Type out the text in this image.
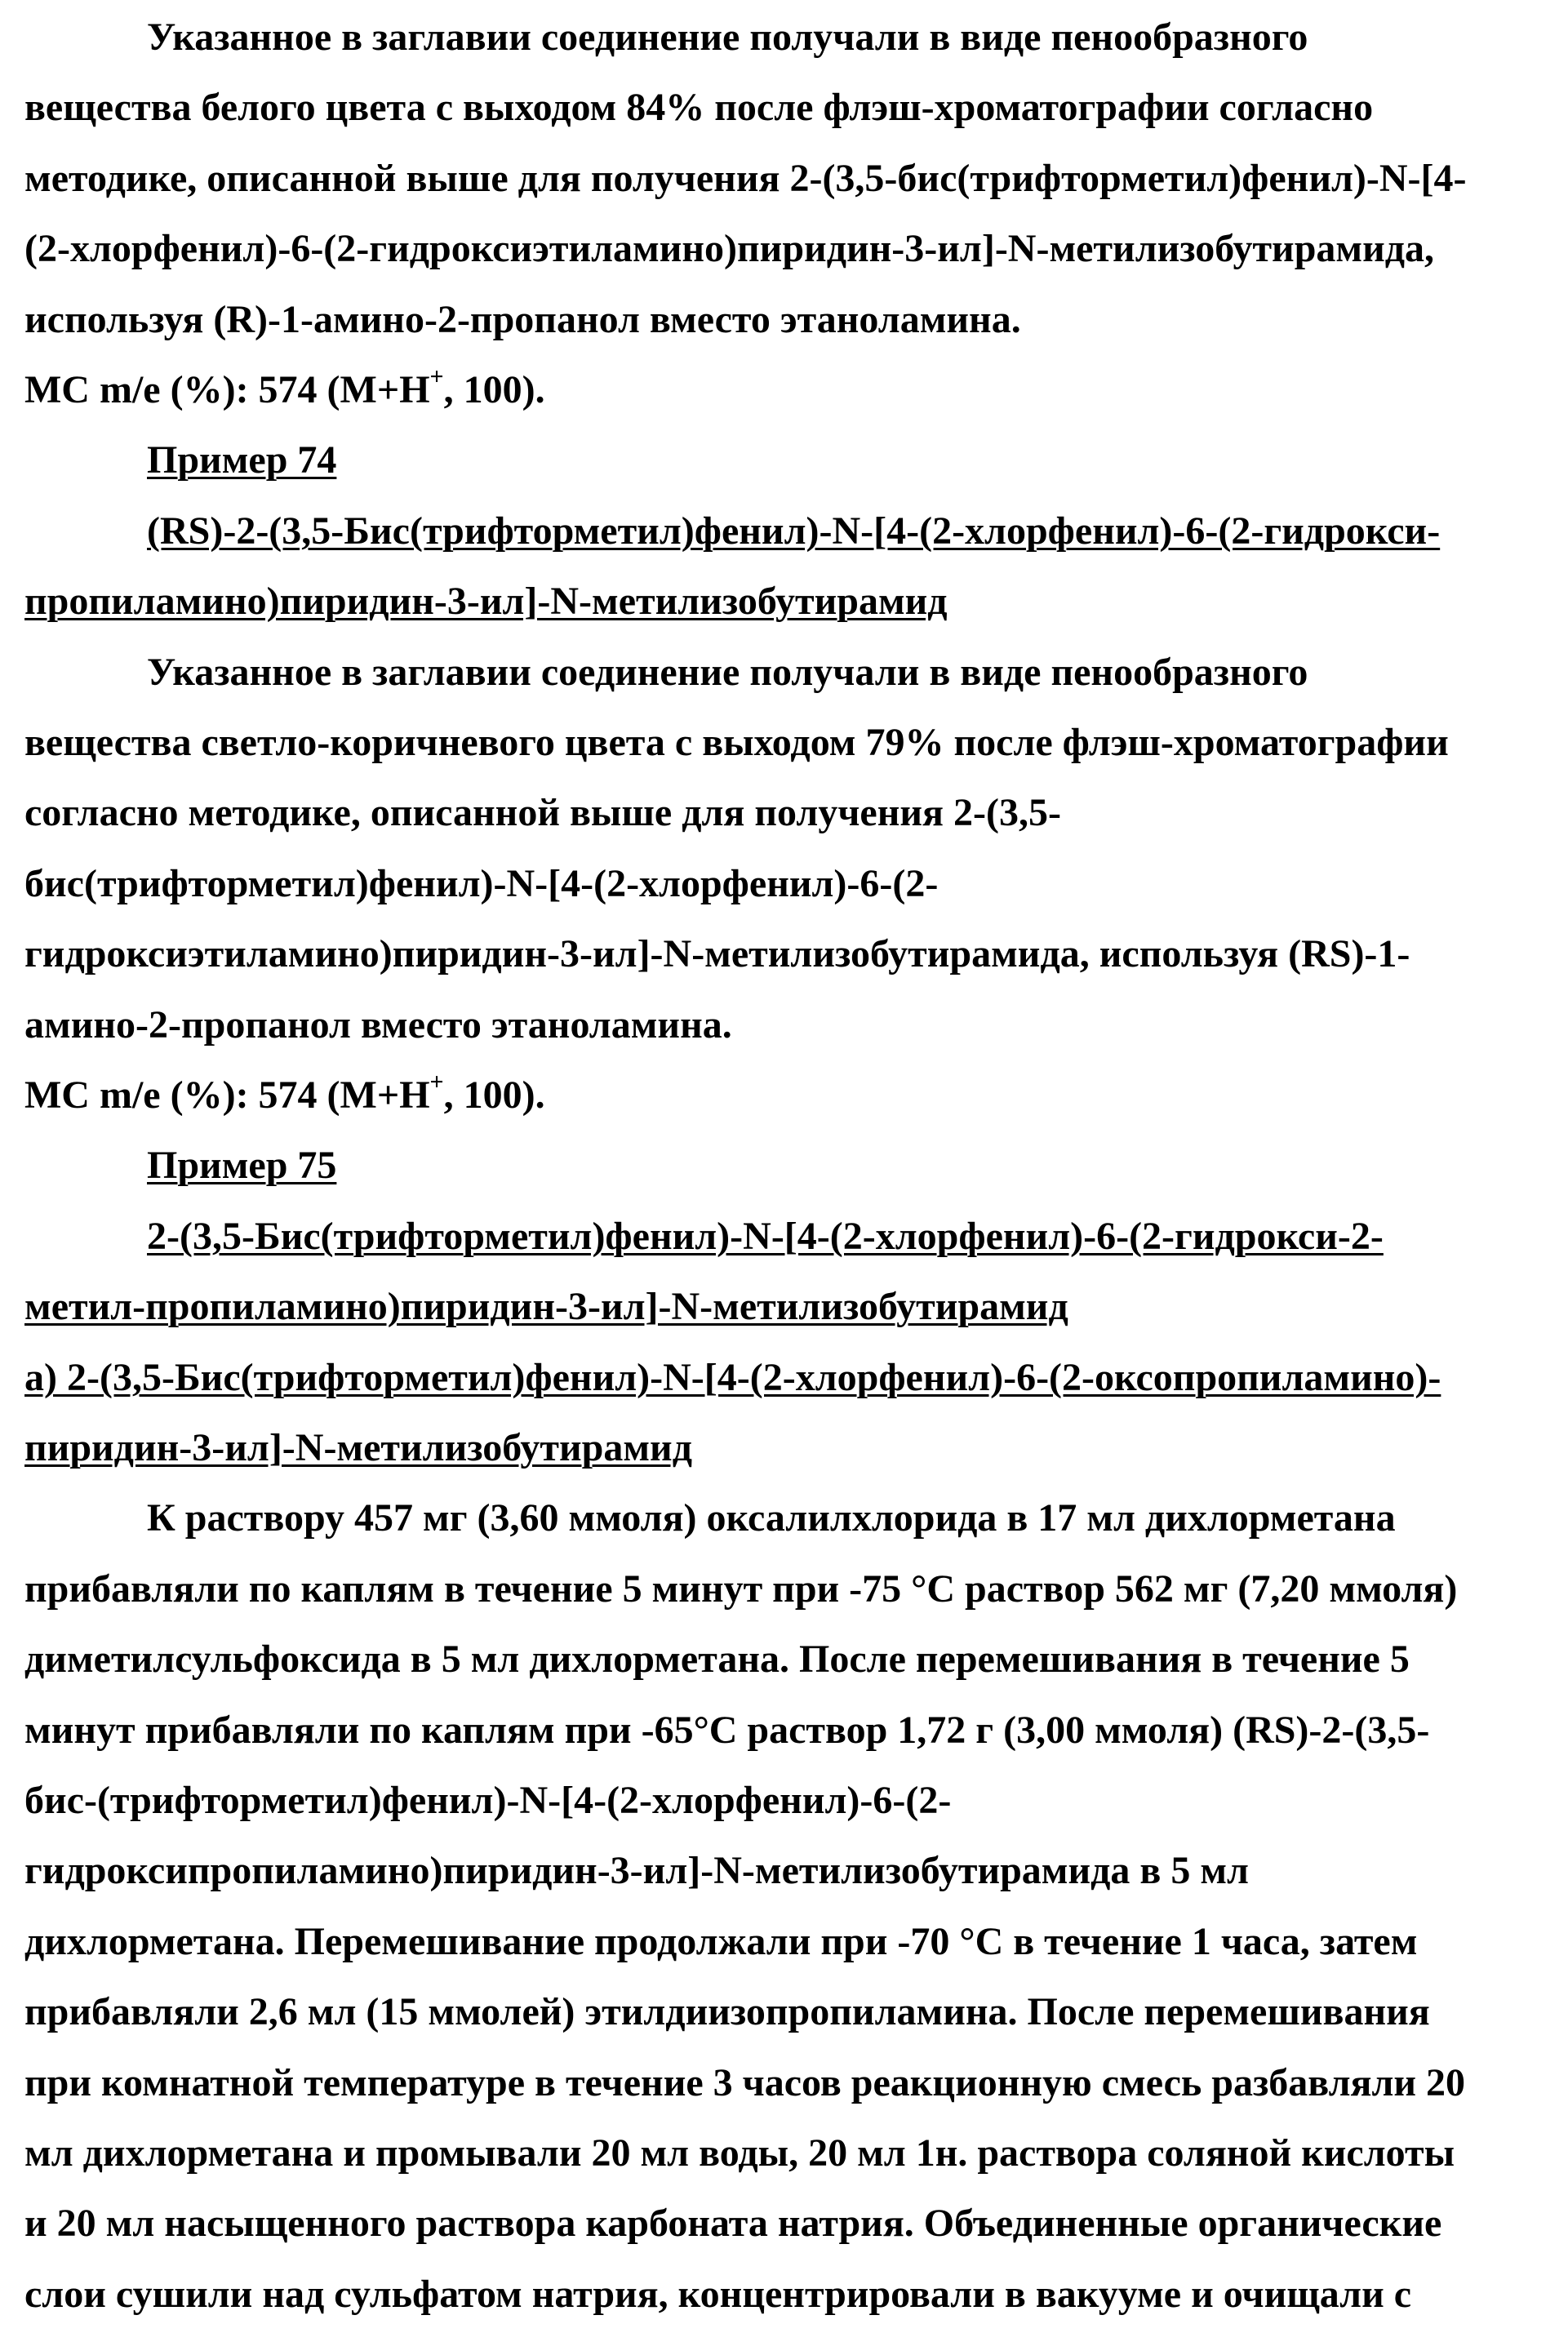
Указанное в заглавии соединение получали в виде пенообразного
вещества белого цвета с выходом 84% после флэш-хроматографии согласно
методике, описанной выше для получения 2-(3,5-бис(трифторметил)фенил)-N-[4-
(2-хлорфенил)-6-(2-гидроксиэтиламино)пиридин-3-ил]-N-метилизобутирамида,
используя (R)-1-амино-2-пропанол вместо этаноламина.
МС m/e (%): 574 (M+H+, 100).
Пример 74
(RS)-2-(3,5-Бис(трифторметил)фенил)-N-[4-(2-хлорфенил)-6-(2-гидрокси-
пропиламино)пиридин-3-ил]-N-метилизобутирамид
Указанное в заглавии соединение получали в виде пенообразного
вещества светло-коричневого цвета с выходом 79% после флэш-хроматографии
согласно методике, описанной выше для получения 2-(3,5-
бис(трифторметил)фенил)-N-[4-(2-хлорфенил)-6-(2-
гидроксиэтиламино)пиридин-3-ил]-N-метилизобутирамида, используя (RS)-1-
амино-2-пропанол вместо этаноламина.
МС m/e (%): 574 (M+H+, 100).
Пример 75
2-(3,5-Бис(трифторметил)фенил)-N-[4-(2-хлорфенил)-6-(2-гидрокси-2-
метил-пропиламино)пиридин-3-ил]-N-метилизобутирамид
а) 2-(3,5-Бис(трифторметил)фенил)-N-[4-(2-хлорфенил)-6-(2-оксопропиламино)-
пиридин-3-ил]-N-метилизобутирамид
К раствору 457 мг (3,60 ммоля) оксалилхлорида в 17 мл дихлорметана
прибавляли по каплям в течение 5 минут при -75 °C раствор 562 мг (7,20 ммоля)
диметилсульфоксида в 5 мл дихлорметана. После перемешивания в течение 5
минут прибавляли по каплям при -65°C раствор 1,72 г (3,00 ммоля) (RS)-2-(3,5-
бис-(трифторметил)фенил)-N-[4-(2-хлорфенил)-6-(2-
гидроксипропиламино)пиридин-3-ил]-N-метилизобутирамида в 5 мл
дихлорметана. Перемешивание продолжали при -70 °C в течение 1 часа, затем
прибавляли 2,6 мл (15 ммолей) этилдиизопропиламина. После перемешивания
при комнатной температуре в течение 3 часов реакционную смесь разбавляли 20
мл дихлорметана и промывали 20 мл воды, 20 мл 1н. раствора соляной кислоты
и 20 мл насыщенного раствора карбоната натрия. Объединенные органические
слои сушили над сульфатом натрия, концентрировали в вакууме и очищали с
